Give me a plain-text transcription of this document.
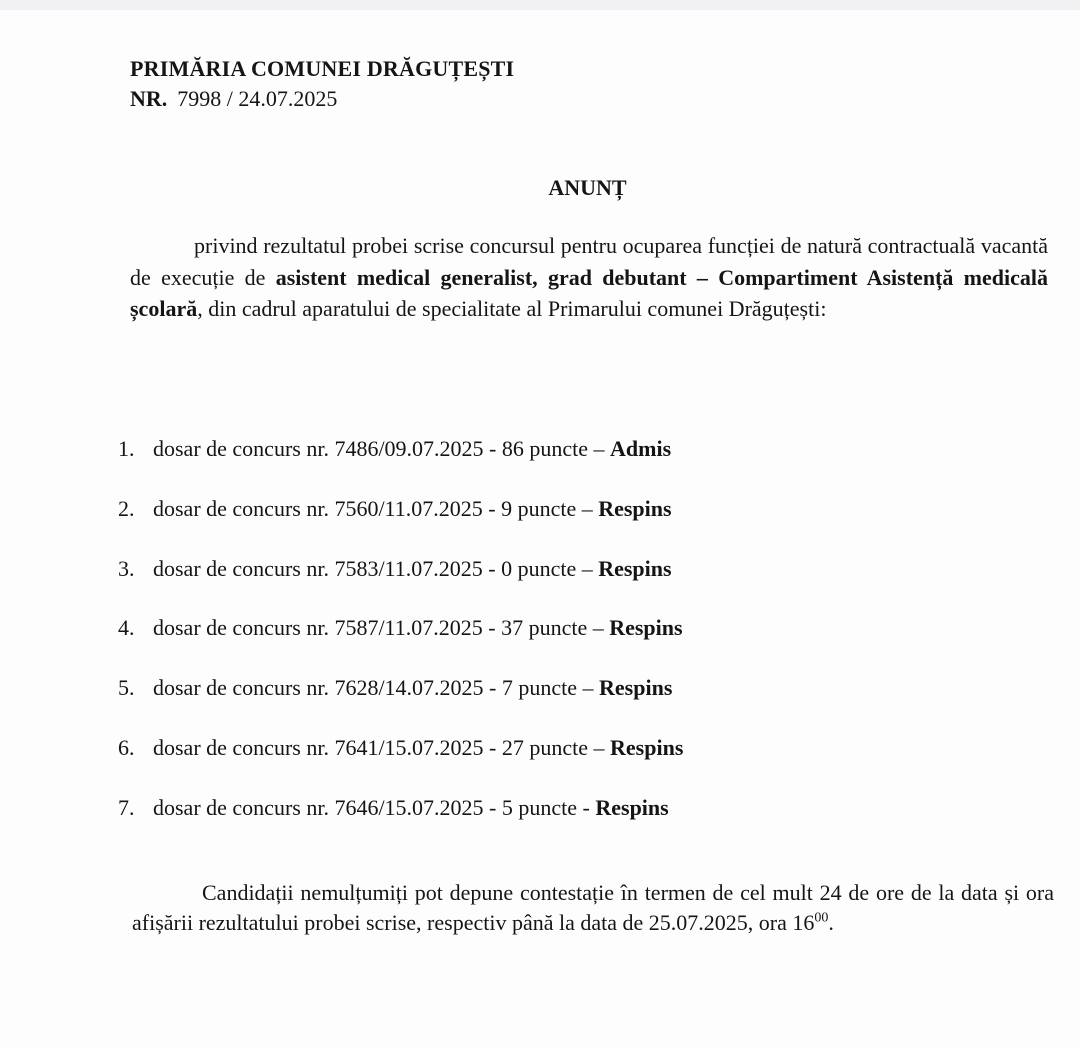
PRIMĂRIA COMUNEI DRĂGUȚEȘTI
NR. 7998 / 24.07.2025
ANUNȚ
privind rezultatul probei scrise concursul pentru ocuparea funcției de natură contractuală vacantă de execuție de asistent medical generalist, grad debutant – Compartiment Asistență medicală școlară, din cadrul aparatului de specialitate al Primarului comunei Drăguțești:
1. dosar de concurs nr. 7486/09.07.2025 - 86 puncte – Admis
2. dosar de concurs nr. 7560/11.07.2025 - 9 puncte – Respins
3. dosar de concurs nr. 7583/11.07.2025 - 0 puncte – Respins
4. dosar de concurs nr. 7587/11.07.2025 - 37 puncte – Respins
5. dosar de concurs nr. 7628/14.07.2025 - 7 puncte – Respins
6. dosar de concurs nr. 7641/15.07.2025 - 27 puncte – Respins
7. dosar de concurs nr. 7646/15.07.2025 - 5 puncte - Respins
Candidații nemulțumiți pot depune contestație în termen de cel mult 24 de ore de la data și ora afișării rezultatului probei scrise, respectiv până la data de 25.07.2025, ora $16^{00}$.
